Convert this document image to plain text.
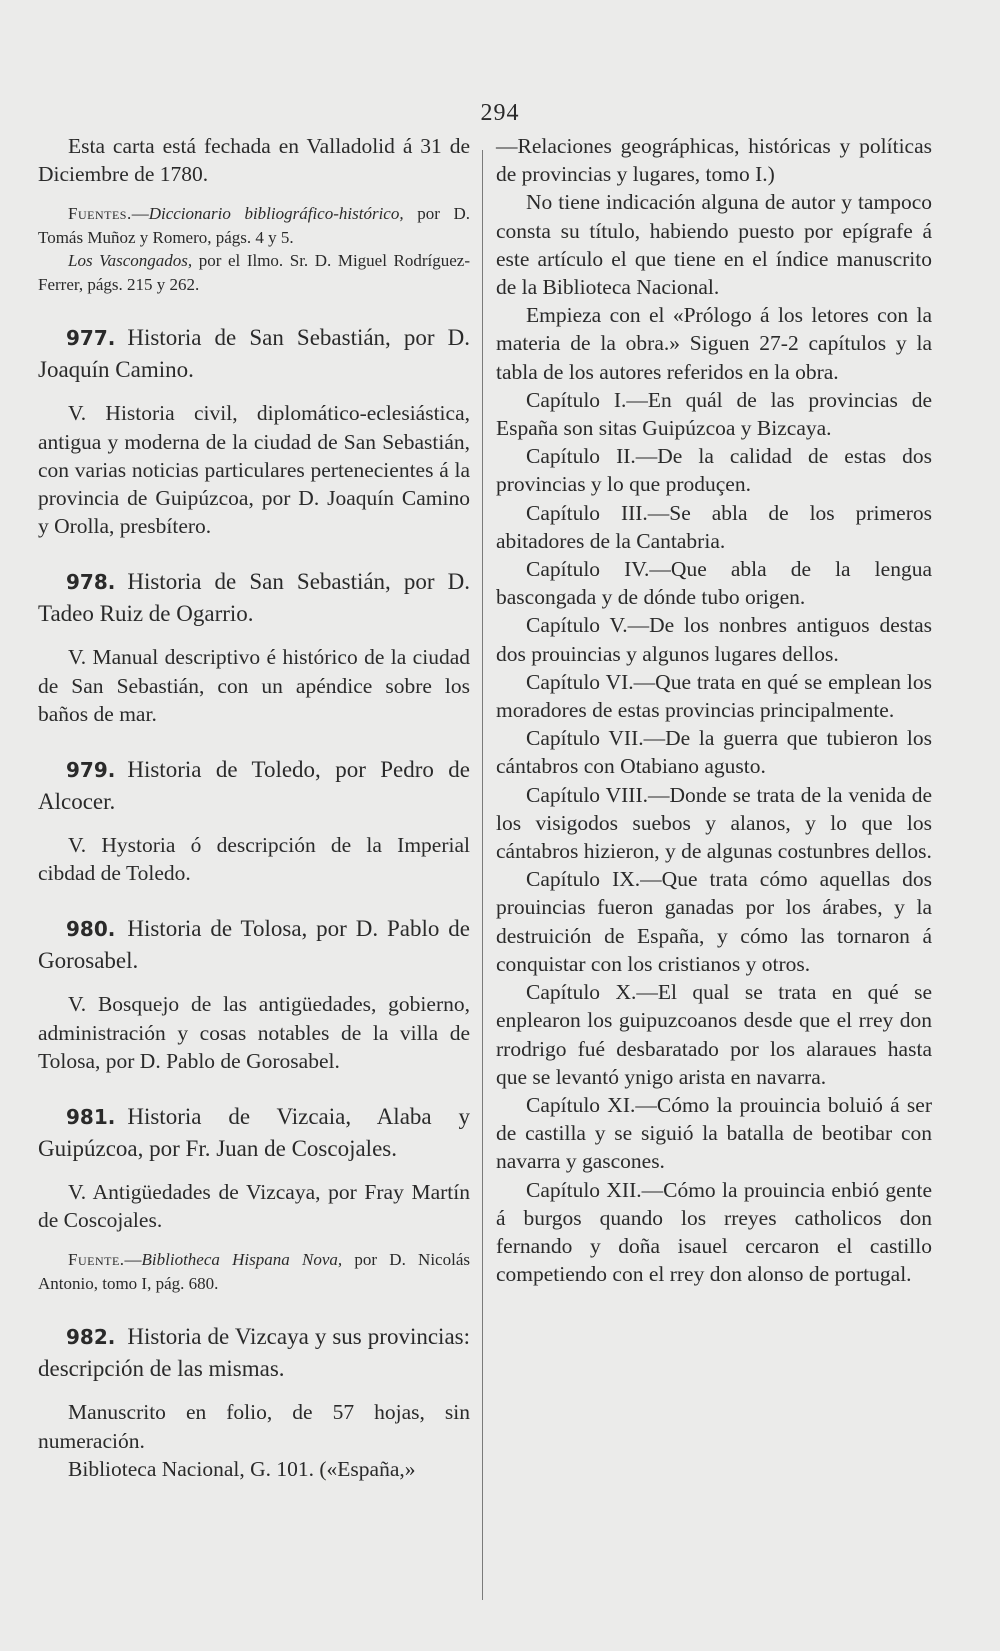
294

Esta carta está fechada en Valladolid á 31 de Diciembre de 1780.

Fuentes.—Diccionario bibliográfico-histórico, por D. Tomás Muñoz y Romero, págs. 4 y 5.

Los Vascongados, por el Ilmo. Sr. D. Miguel Rodríguez-Ferrer, págs. 215 y 262.

977. Historia de San Sebastián, por D. Joaquín Camino.

V. Historia civil, diplomático-eclesiástica, antigua y moderna de la ciudad de San Sebastián, con varias noticias particulares pertenecientes á la provincia de Guipúzcoa, por D. Joaquín Camino y Orolla, presbítero.

978. Historia de San Sebastián, por D. Tadeo Ruiz de Ogarrio.

V. Manual descriptivo é histórico de la ciudad de San Sebastián, con un apéndice sobre los baños de mar.

979. Historia de Toledo, por Pedro de Alcocer.

V. Hystoria ó descripción de la Imperial cibdad de Toledo.

980. Historia de Tolosa, por D. Pablo de Gorosabel.

V. Bosquejo de las antigüedades, gobierno, administración y cosas notables de la villa de Tolosa, por D. Pablo de Gorosabel.

981. Historia de Vizcaia, Alaba y Guipúzcoa, por Fr. Juan de Coscojales.

V. Antigüedades de Vizcaya, por Fray Martín de Coscojales.

Fuente.—Bibliotheca Hispana Nova, por D. Nicolás Antonio, tomo I, pág. 680.

982. Historia de Vizcaya y sus provincias: descripción de las mismas.

Manuscrito en folio, de 57 hojas, sin numeración.

Biblioteca Nacional, G. 101. («España,»

—Relaciones geográphicas, históricas y políticas de provincias y lugares, tomo I.)

No tiene indicación alguna de autor y tampoco consta su título, habiendo puesto por epígrafe á este artículo el que tiene en el índice manuscrito de la Biblioteca Nacional.

Empieza con el «Prólogo á los letores con la materia de la obra.» Siguen 27-2 capítulos y la tabla de los autores referidos en la obra.

Capítulo I.—En quál de las provincias de España son sitas Guipúzcoa y Bizcaya.

Capítulo II.—De la calidad de estas dos provincias y lo que produçen.

Capítulo III.—Se abla de los primeros abitadores de la Cantabria.

Capítulo IV.—Que abla de la lengua bascongada y de dónde tubo origen.

Capítulo V.—De los nonbres antiguos destas dos prouincias y algunos lugares dellos.

Capítulo VI.—Que trata en qué se emplean los moradores de estas provincias principalmente.

Capítulo VII.—De la guerra que tubieron los cántabros con Otabiano agusto.

Capítulo VIII.—Donde se trata de la venida de los visigodos suebos y alanos, y lo que los cántabros hizieron, y de algunas costunbres dellos.

Capítulo IX.—Que trata cómo aquellas dos prouincias fueron ganadas por los árabes, y la destruición de España, y cómo las tornaron á conquistar con los cristianos y otros.

Capítulo X.—El qual se trata en qué se enplearon los guipuzcoanos desde que el rrey don rrodrigo fué desbaratado por los alaraues hasta que se levantó ynigo arista en navarra.

Capítulo XI.—Cómo la prouincia boluió á ser de castilla y se siguió la batalla de beotibar con navarra y gascones.

Capítulo XII.—Cómo la prouincia enbió gente á burgos quando los rreyes catholicos don fernando y doña isauel cercaron el castillo competiendo con el rrey don alonso de portugal.
